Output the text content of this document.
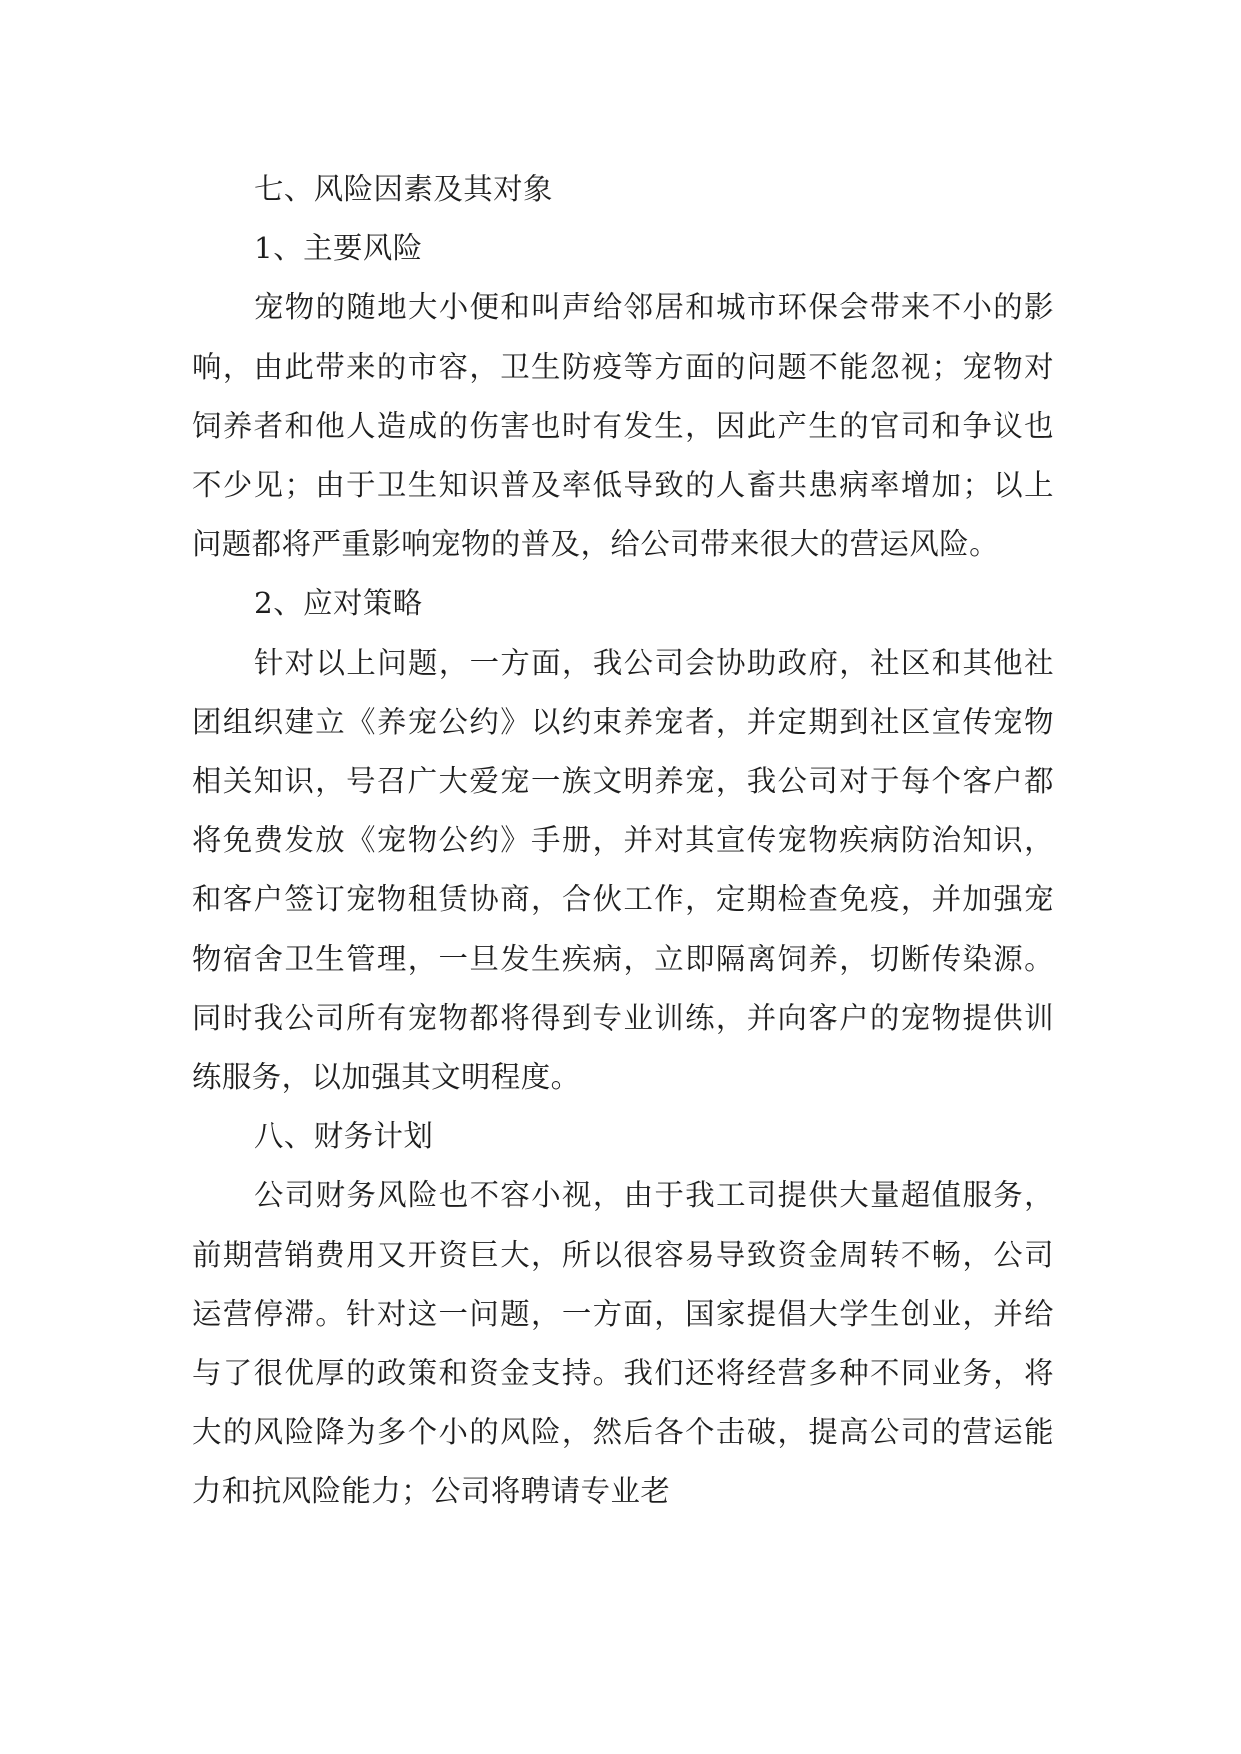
七、风险因素及其对象

1、主要风险

宠物的随地大小便和叫声给邻居和城市环保会带来不小的影响，由此带来的市容，卫生防疫等方面的问题不能忽视；宠物对饲养者和他人造成的伤害也时有发生，因此产生的官司和争议也不少见；由于卫生知识普及率低导致的人畜共患病率增加；以上问题都将严重影响宠物的普及，给公司带来很大的营运风险。

2、应对策略

针对以上问题，一方面，我公司会协助政府，社区和其他社团组织建立《养宠公约》以约束养宠者，并定期到社区宣传宠物相关知识，号召广大爱宠一族文明养宠，我公司对于每个客户都将免费发放《宠物公约》手册，并对其宣传宠物疾病防治知识，和客户签订宠物租赁协商，合伙工作，定期检查免疫，并加强宠物宿舍卫生管理，一旦发生疾病，立即隔离饲养，切断传染源。同时我公司所有宠物都将得到专业训练，并向客户的宠物提供训练服务，以加强其文明程度。

八、财务计划

公司财务风险也不容小视，由于我工司提供大量超值服务，前期营销费用又开资巨大，所以很容易导致资金周转不畅，公司运营停滞。针对这一问题，一方面，国家提倡大学生创业，并给与了很优厚的政策和资金支持。我们还将经营多种不同业务，将大的风险降为多个小的风险，然后各个击破，提高公司的营运能力和抗风险能力；公司将聘请专业老
